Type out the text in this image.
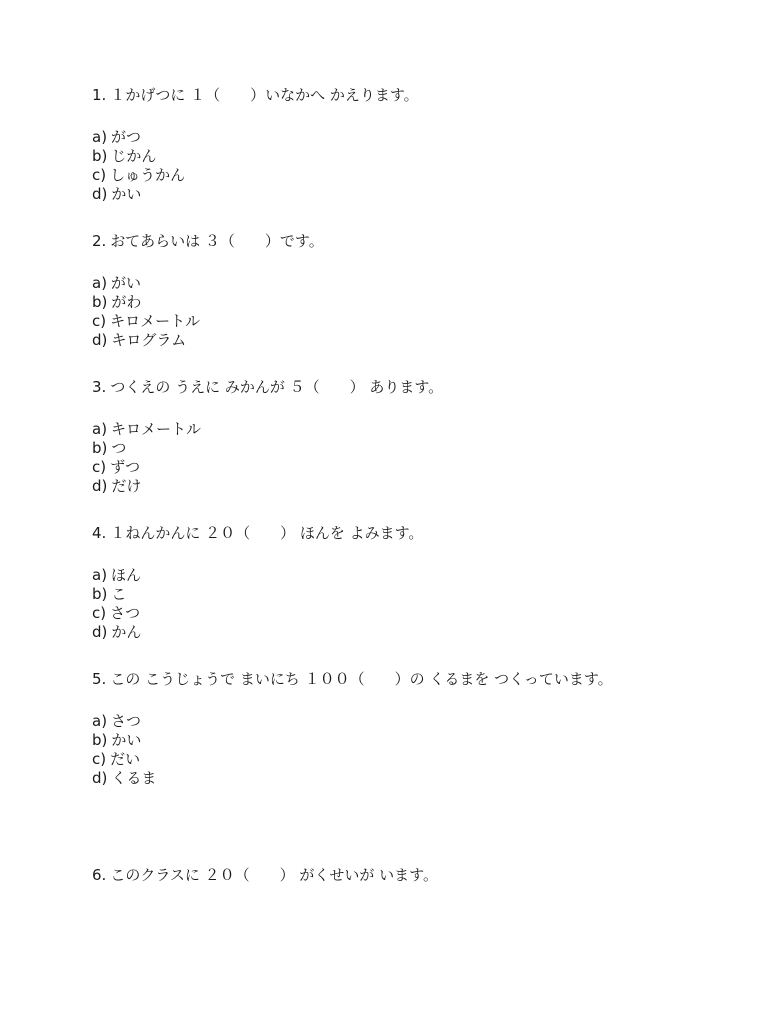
1. １かげつに １（　　）いなかへ かえります。

a) がつ
b) じかん
c) しゅうかん
d) かい

2. おてあらいは ３（　　）です。

a) がい
b) がわ
c) キロメートル
d) キログラム

3. つくえの うえに みかんが ５（　　） あります。

a) キロメートル
b) つ
c) ずつ
d) だけ

4. １ねんかんに ２０（　　） ほんを よみます。

a) ほん
b) こ
c) さつ
d) かん

5. この こうじょうで まいにち １００（　　）の くるまを つくっています。

a) さつ
b) かい
c) だい
d) くるま

6. このクラスに ２０（　　） がくせいが います。
